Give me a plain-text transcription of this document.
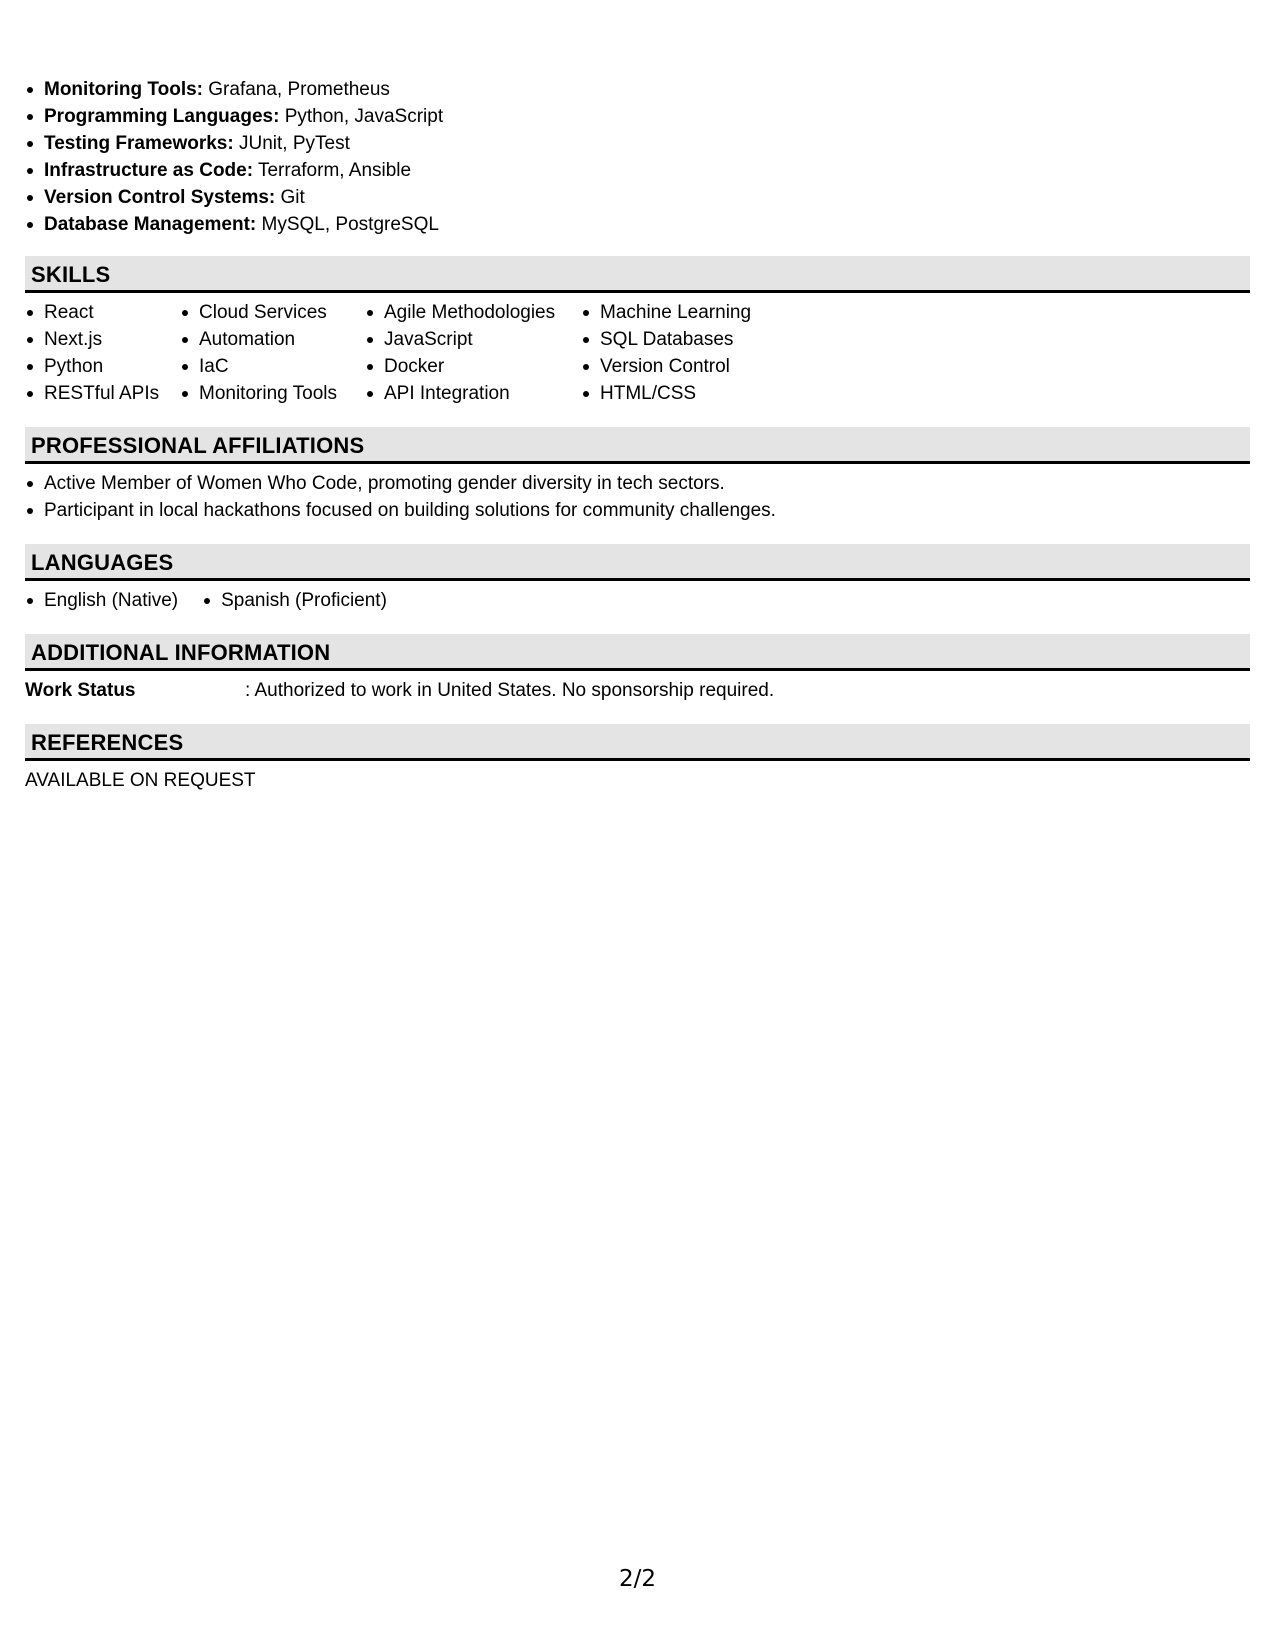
Monitoring Tools: Grafana, Prometheus
Programming Languages: Python, JavaScript
Testing Frameworks: JUnit, PyTest
Infrastructure as Code: Terraform, Ansible
Version Control Systems: Git
Database Management: MySQL, PostgreSQL
SKILLS
React
Next.js
Python
RESTful APIs
Cloud Services
Automation
IaC
Monitoring Tools
Agile Methodologies
JavaScript
Docker
API Integration
Machine Learning
SQL Databases
Version Control
HTML/CSS
PROFESSIONAL AFFILIATIONS
Active Member of Women Who Code, promoting gender diversity in tech sectors.
Participant in local hackathons focused on building solutions for community challenges.
LANGUAGES
English (Native)	Spanish (Proficient)
ADDITIONAL INFORMATION
Work Status	: Authorized to work in United States. No sponsorship required.
REFERENCES
AVAILABLE ON REQUEST
2/2
